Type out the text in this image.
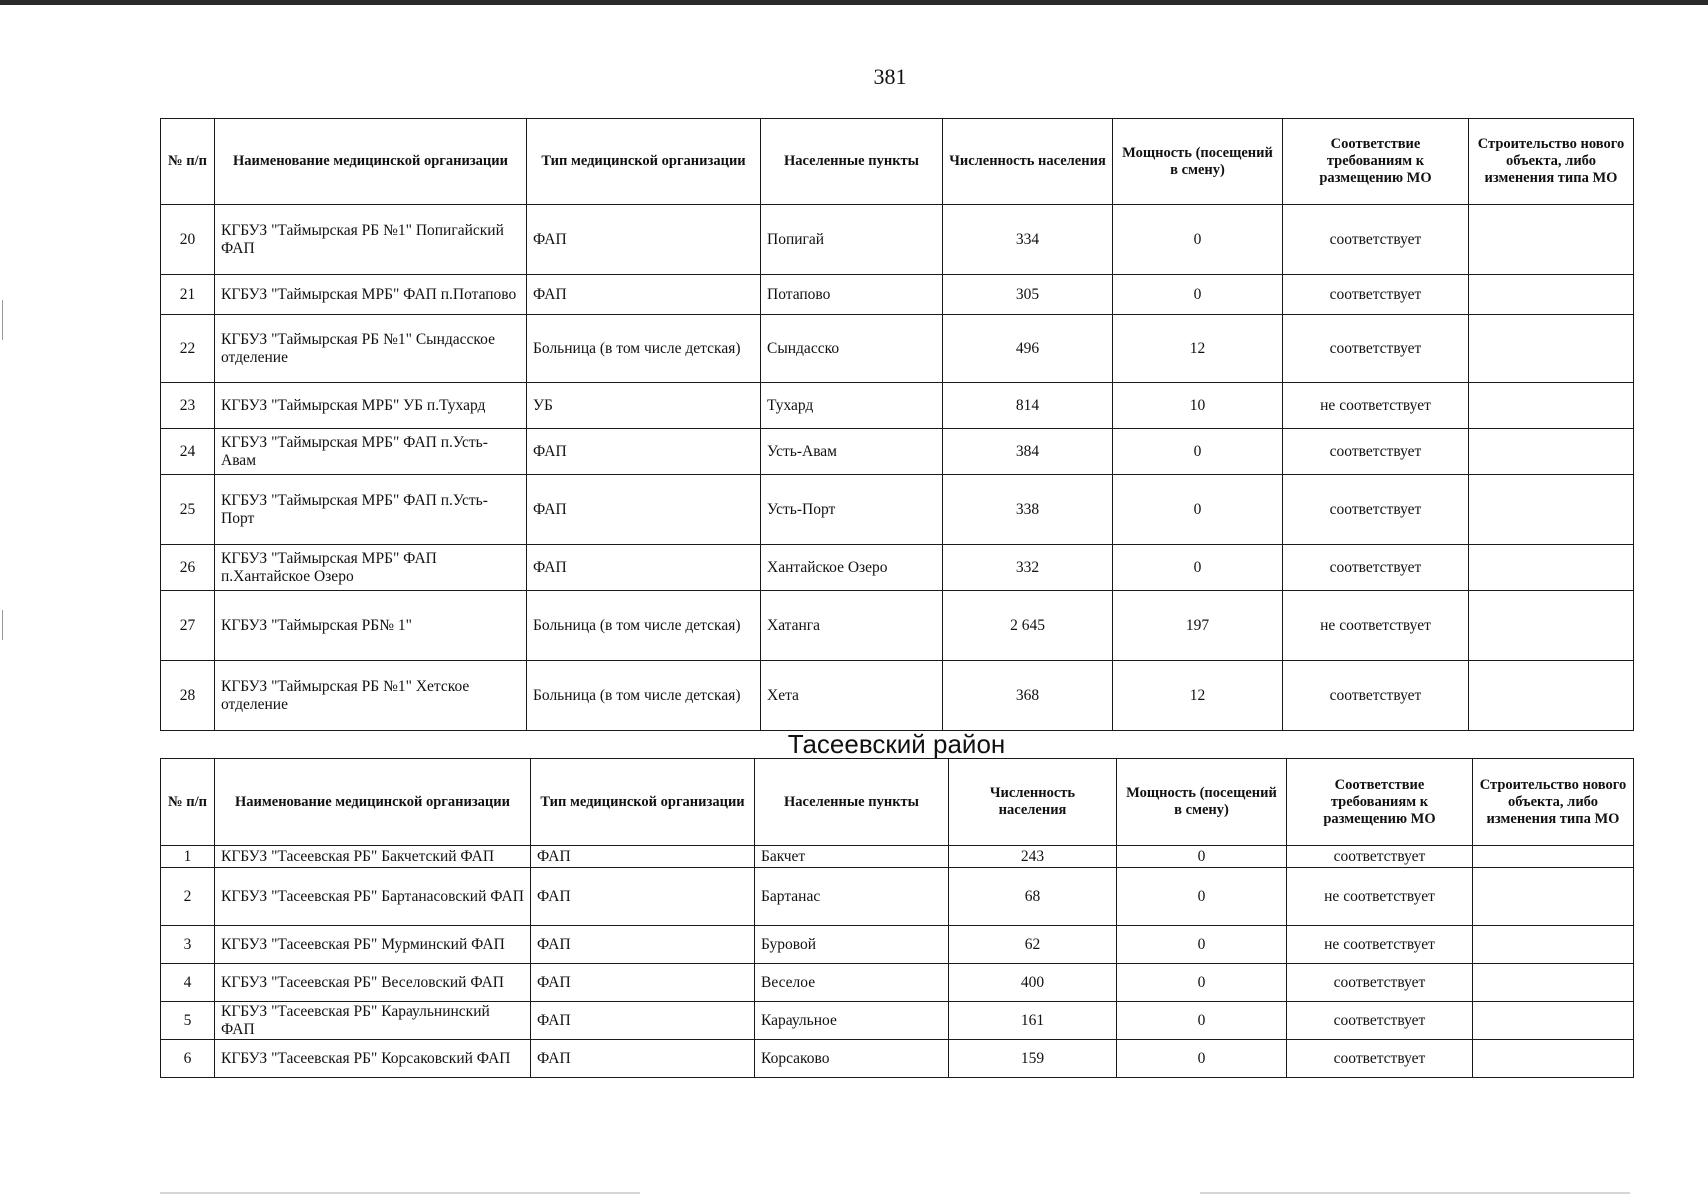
381
№ п/п	Наименование медицинской организации	Тип медицинской организации	Населенные пункты	Численность населения	Мощность (посещений в смену)	Соответствие требованиям к размещению МО	Строительство нового объекта, либо изменения типа МО
20	КГБУЗ "Таймырская РБ №1" Попигайский ФАП	ФАП	Попигай	334	0	соответствует	
21	КГБУЗ "Таймырская МРБ" ФАП п.Потапово	ФАП	Потапово	305	0	соответствует	
22	КГБУЗ "Таймырская РБ №1" Сындасское отделение	Больница (в том числе детская)	Сындасско	496	12	соответствует	
23	КГБУЗ "Таймырская МРБ" УБ п.Тухард	УБ	Тухард	814	10	не соответствует	
24	КГБУЗ "Таймырская МРБ" ФАП п.Усть-Авам	ФАП	Усть-Авам	384	0	соответствует	
25	КГБУЗ "Таймырская МРБ" ФАП п.Усть-Порт	ФАП	Усть-Порт	338	0	соответствует	
26	КГБУЗ "Таймырская МРБ" ФАП п.Хантайское Озеро	ФАП	Хантайское Озеро	332	0	соответствует	
27	КГБУЗ "Таймырская РБ№ 1"	Больница (в том числе детская)	Хатанга	2 645	197	не соответствует	
28	КГБУЗ "Таймырская РБ №1" Хетское отделение	Больница (в том числе детская)	Хета	368	12	соответствует	
Тасеевский район
№ п/п	Наименование медицинской организации	Тип медицинской организации	Населенные пункты	Численность населения	Мощность (посещений в смену)	Соответствие требованиям к размещению МО	Строительство нового объекта, либо изменения типа МО
1	КГБУЗ "Тасеевская РБ" Бакчетский ФАП	ФАП	Бакчет	243	0	соответствует	
2	КГБУЗ "Тасеевская РБ" Бартанасовский ФАП	ФАП	Бартанас	68	0	не соответствует	
3	КГБУЗ "Тасеевская РБ" Мурминский ФАП	ФАП	Буровой	62	0	не соответствует	
4	КГБУЗ "Тасеевская РБ" Веселовский ФАП	ФАП	Веселое	400	0	соответствует	
5	КГБУЗ "Тасеевская РБ" Караульнинский ФАП	ФАП	Караульное	161	0	соответствует	
6	КГБУЗ "Тасеевская РБ" Корсаковский ФАП	ФАП	Корсаково	159	0	соответствует	
